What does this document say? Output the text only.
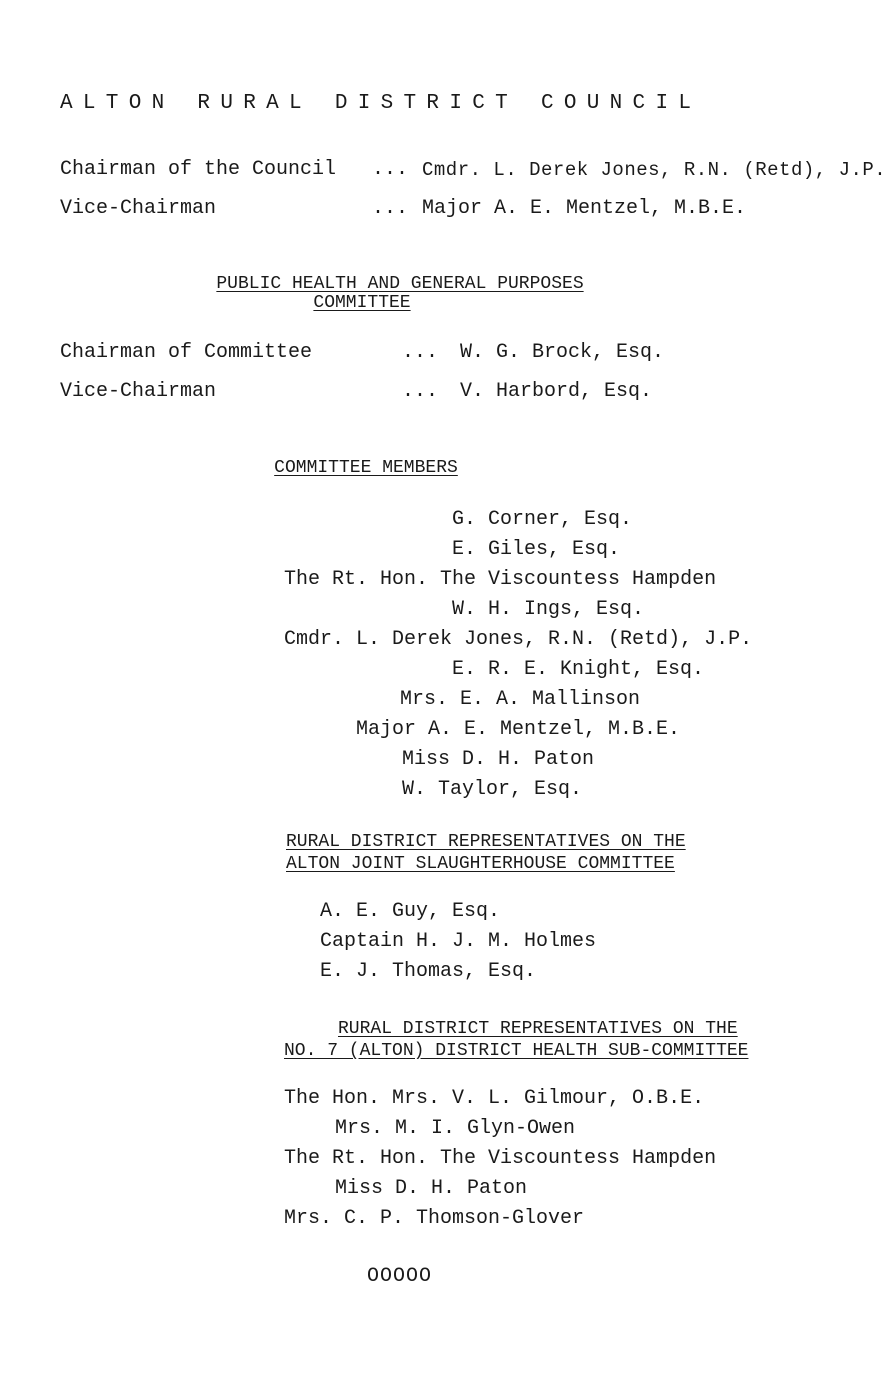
ALTON RURAL DISTRICT COUNCIL
Chairman of the Council ... Cmdr. L. Derek Jones, R.N. (Retd), J.P.
Vice-Chairman	... Major A. E. Mentzel, M.B.E.
PUBLIC HEALTH AND GENERAL PURPOSES
COMMITTEE
Chairman of Committee	... W. G. Brock, Esq.
Vice-Chairman	... V. Harbord, Esq.
COMMITTEE MEMBERS
G. Corner, Esq.
E. Giles, Esq.
The Rt. Hon. The Viscountess Hampden
W. H. Ings, Esq.
Cmdr. L. Derek Jones, R.N. (Retd), J.P.
E. R. E. Knight, Esq.
Mrs. E. A. Mallinson
Major A. E. Mentzel, M.B.E.
Miss D. H. Paton
W. Taylor, Esq.
RURAL DISTRICT REPRESENTATIVES ON THE
ALTON JOINT SLAUGHTERHOUSE COMMITTEE
A. E. Guy, Esq.
Captain H. J. M. Holmes
E. J. Thomas, Esq.
RURAL DISTRICT REPRESENTATIVES ON THE
NO. 7 (ALTON) DISTRICT HEALTH SUB-COMMITTEE
The Hon. Mrs. V. L. Gilmour, O.B.E.
Mrs. M. I. Glyn-Owen
The Rt. Hon. The Viscountess Hampden
Miss D. H. Paton
Mrs. C. P. Thomson-Glover
OOOOO
